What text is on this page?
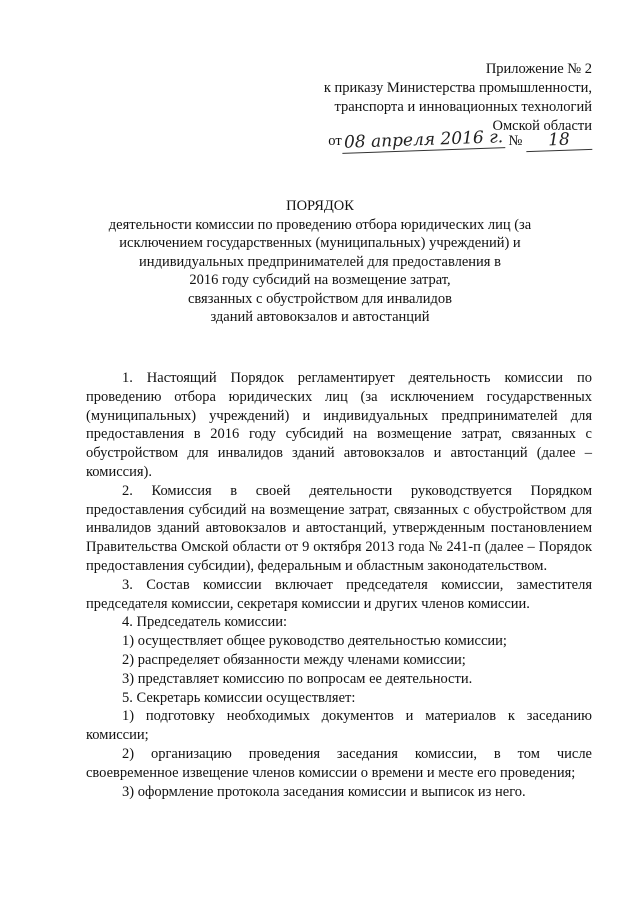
Приложение № 2
к приказу Министерства промышленности,
транспорта и инновационных технологий
Омской области
от08 апреля 2016 г. № 18
ПОРЯДОК
деятельности комиссии по проведению отбора юридических лиц (за
исключением государственных (муниципальных) учреждений) и
индивидуальных предпринимателей для предоставления в
2016 году субсидий на возмещение затрат,
связанных с обустройством для инвалидов
зданий автовокзалов и автостанций

1. Настоящий Порядок регламентирует деятельность комиссии по проведению отбора юридических лиц (за исключением государственных (муниципальных) учреждений) и индивидуальных предпринимателей для предоставления в 2016 году субсидий на возмещение затрат, связанных с обустройством для инвалидов зданий автовокзалов и автостанций (далее – комиссия).

2. Комиссия в своей деятельности руководствуется Порядком предоставления субсидий на возмещение затрат, связанных с обустройством для инвалидов зданий автовокзалов и автостанций, утвержденным постановлением Правительства Омской области от 9 октября 2013 года № 241-п (далее – Порядок предоставления субсидии), федеральным и областным законодательством.

3. Состав комиссии включает председателя комиссии, заместителя председателя комиссии, секретаря комиссии и других членов комиссии.

4. Председатель комиссии:

1) осуществляет общее руководство деятельностью комиссии;

2) распределяет обязанности между членами комиссии;

3) представляет комиссию по вопросам ее деятельности.

5. Секретарь комиссии осуществляет:

1) подготовку необходимых документов и материалов к заседанию комиссии;

2) организацию проведения заседания комиссии, в том числе своевременное извещение членов комиссии о времени и месте его проведения;

3) оформление протокола заседания комиссии и выписок из него.
